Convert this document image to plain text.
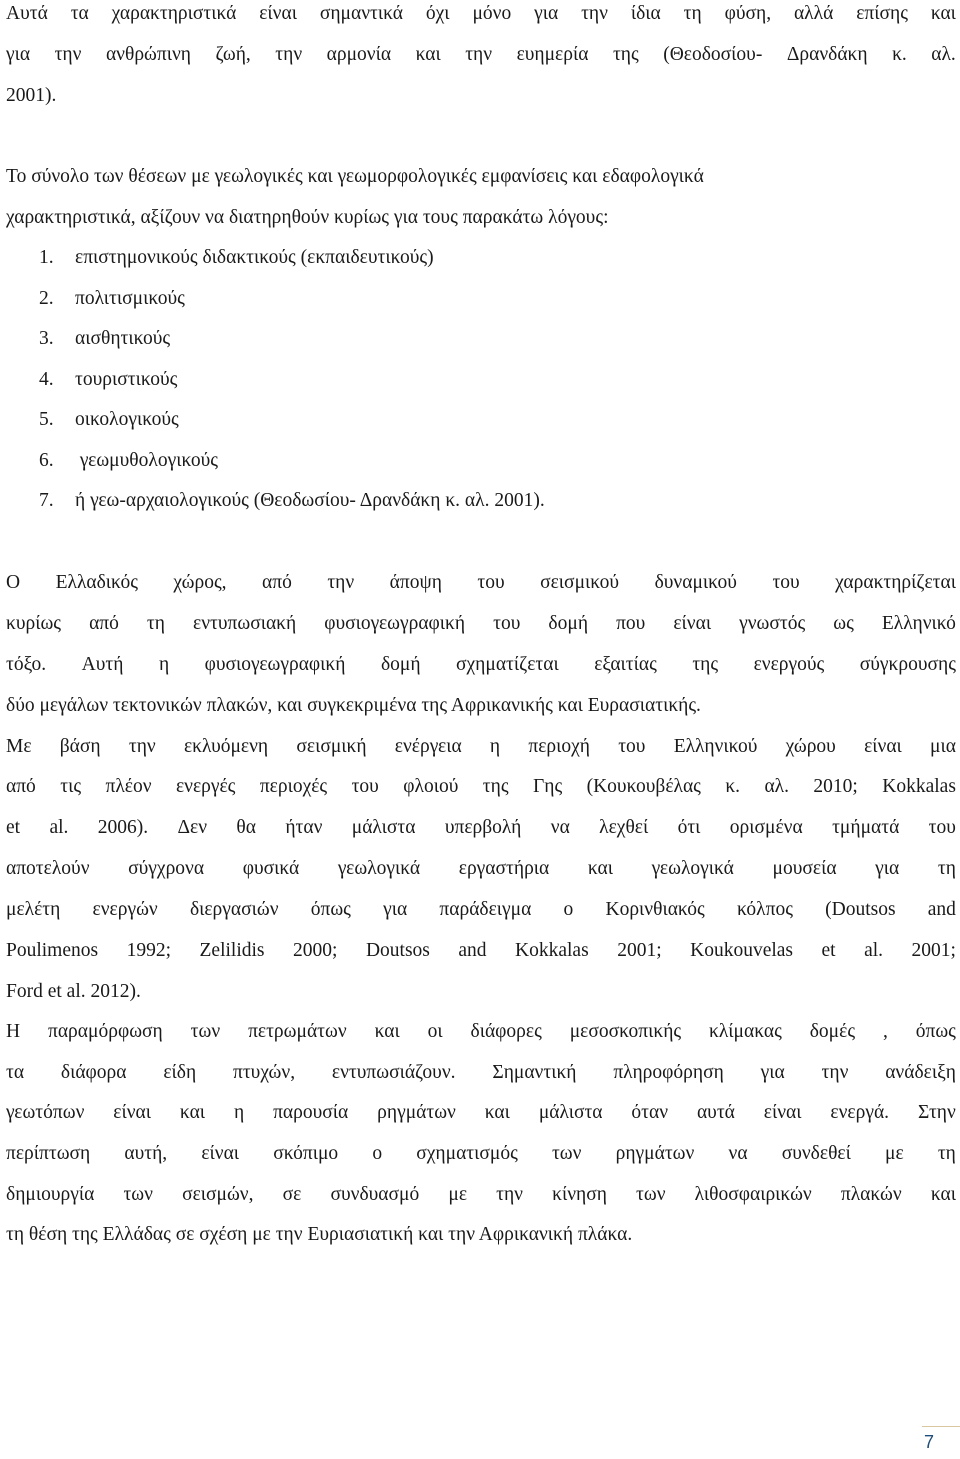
Αυτά τα χαρακτηριστικά είναι σημαντικά όχι μόνο για την ίδια τη φύση, αλλά επίσης και
για την ανθρώπινη ζωή, την αρμονία και την ευημερία της (Θεοδοσίου- Δρανδάκη κ. αλ.
2001).
Το σύνολο των θέσεων με γεωλογικές και γεωμορφολογικές εμφανίσεις και εδαφολογικά
χαρακτηριστικά, αξίζουν να διατηρηθούν κυρίως για τους παρακάτω λόγους:
1. επιστημονικούς διδακτικούς (εκπαιδευτικούς)
2. πολιτισμικούς
3. αισθητικούς
4. τουριστικούς
5. οικολογικούς
6. γεωμυθολογικούς
7. ή γεω-αρχαιολογικούς (Θεοδωσίου- Δρανδάκη κ. αλ. 2001).
Ο Ελλαδικός χώρος, από την άποψη του σεισμικού δυναμικού του χαρακτηρίζεται
κυρίως από τη εντυπωσιακή φυσιογεωγραφική του δομή που είναι γνωστός ως Ελληνικό
τόξο. Αυτή η φυσιογεωγραφική δομή σχηματίζεται εξαιτίας της ενεργούς σύγκρουσης
δύο μεγάλων τεκτονικών πλακών, και συγκεκριμένα της Αφρικανικής και Ευρασιατικής.
Με βάση την εκλυόμενη σεισμική ενέργεια η περιοχή του Ελληνικού χώρου είναι μια
από τις πλέον ενεργές περιοχές του φλοιού της Γης (Κουκουβέλας κ. αλ. 2010; Kokkalas
et al. 2006). Δεν θα ήταν μάλιστα υπερβολή να λεχθεί ότι ορισμένα τμήματά του
αποτελούν σύγχρονα φυσικά γεωλογικά εργαστήρια και γεωλογικά μουσεία για τη
μελέτη ενεργών διεργασιών όπως για παράδειγμα ο Κορινθιακός κόλπος (Doutsos and
Poulimenos 1992; Zelilidis 2000; Doutsos and Kokkalas 2001; Koukouvelas et al. 2001;
Ford et al. 2012).
Η παραμόρφωση των πετρωμάτων και οι διάφορες μεσοσκοπικής κλίμακας δομές , όπως
τα διάφορα είδη πτυχών, εντυπωσιάζουν. Σημαντική πληροφόρηση για την ανάδειξη
γεωτόπων είναι και η παρουσία ρηγμάτων και μάλιστα όταν αυτά είναι ενεργά. Στην
περίπτωση αυτή, είναι σκόπιμο ο σχηματισμός των ρηγμάτων να συνδεθεί με τη
δημιουργία των σεισμών, σε συνδυασμό με την κίνηση των λιθοσφαιρικών πλακών και
τη θέση της Ελλάδας σε σχέση με την Ευριασιατική και την Αφρικανική πλάκα.
7
